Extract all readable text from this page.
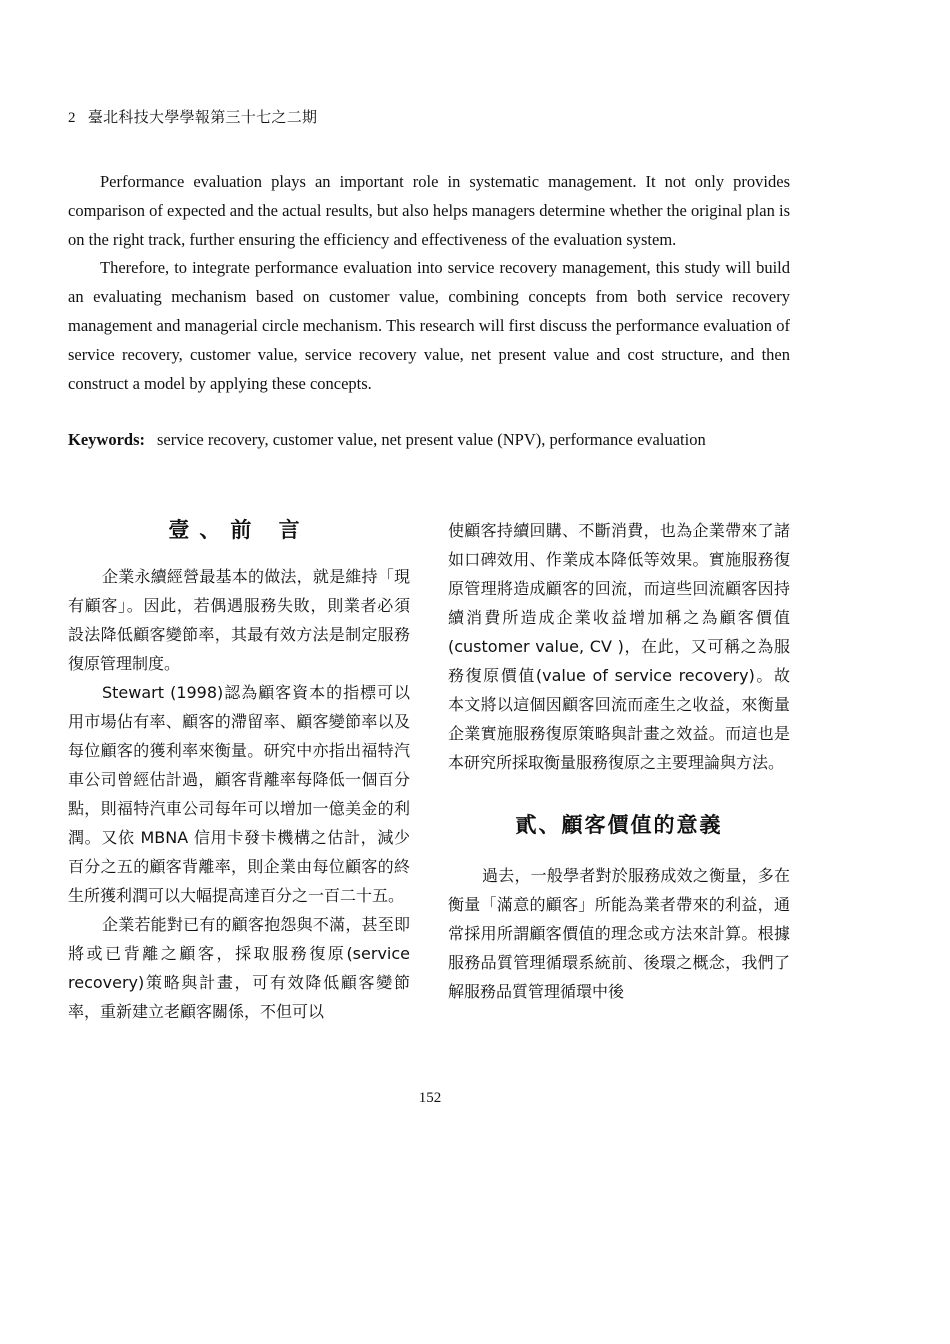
2 臺北科技大學學報第三十七之二期

Performance evaluation plays an important role in systematic management. It not only provides comparison of expected and the actual results, but also helps managers determine whether the original plan is on the right track, further ensuring the efficiency and effectiveness of the evaluation system.

Therefore, to integrate performance evaluation into service recovery management, this study will build an evaluating mechanism based on customer value, combining concepts from both service recovery management and managerial circle mechanism. This research will first discuss the performance evaluation of service recovery, customer value, service recovery value, net present value and cost structure, and then construct a model by applying these concepts.

Keywords: service recovery, customer value, net present value (NPV), performance evaluation
壹、前 言

企業永續經營最基本的做法，就是維持「現有顧客」。因此，若偶遇服務失敗，則業者必須設法降低顧客變節率，其最有效方法是制定服務復原管理制度。

Stewart (1998)認為顧客資本的指標可以用市場佔有率、顧客的滯留率、顧客變節率以及每位顧客的獲利率來衡量。研究中亦指出福特汽車公司曾經估計過，顧客背離率每降低一個百分點，則福特汽車公司每年可以增加一億美金的利潤。又依 MBNA 信用卡發卡機構之估計，減少百分之五的顧客背離率，則企業由每位顧客的終生所獲利潤可以大幅提高達百分之一百二十五。

企業若能對已有的顧客抱怨與不滿，甚至即將或已背離之顧客，採取服務復原(service recovery)策略與計畫，可有效降低顧客變節率，重新建立老顧客關係，不但可以

使顧客持續回購、不斷消費，也為企業帶來了諸如口碑效用、作業成本降低等效果。實施服務復原管理將造成顧客的回流，而這些回流顧客因持續消費所造成企業收益增加稱之為顧客價值(customer value, CV )，在此，又可稱之為服務復原價值(value of service recovery)。故本文將以這個因顧客回流而產生之收益，來衡量企業實施服務復原策略與計畫之效益。而這也是本研究所採取衡量服務復原之主要理論與方法。

貳、顧客價值的意義

過去，一般學者對於服務成效之衡量，多在衡量「滿意的顧客」所能為業者帶來的利益，通常採用所謂顧客價值的理念或方法來計算。根據服務品質管理循環系統前、後環之概念，我們了解服務品質管理循環中後

152
